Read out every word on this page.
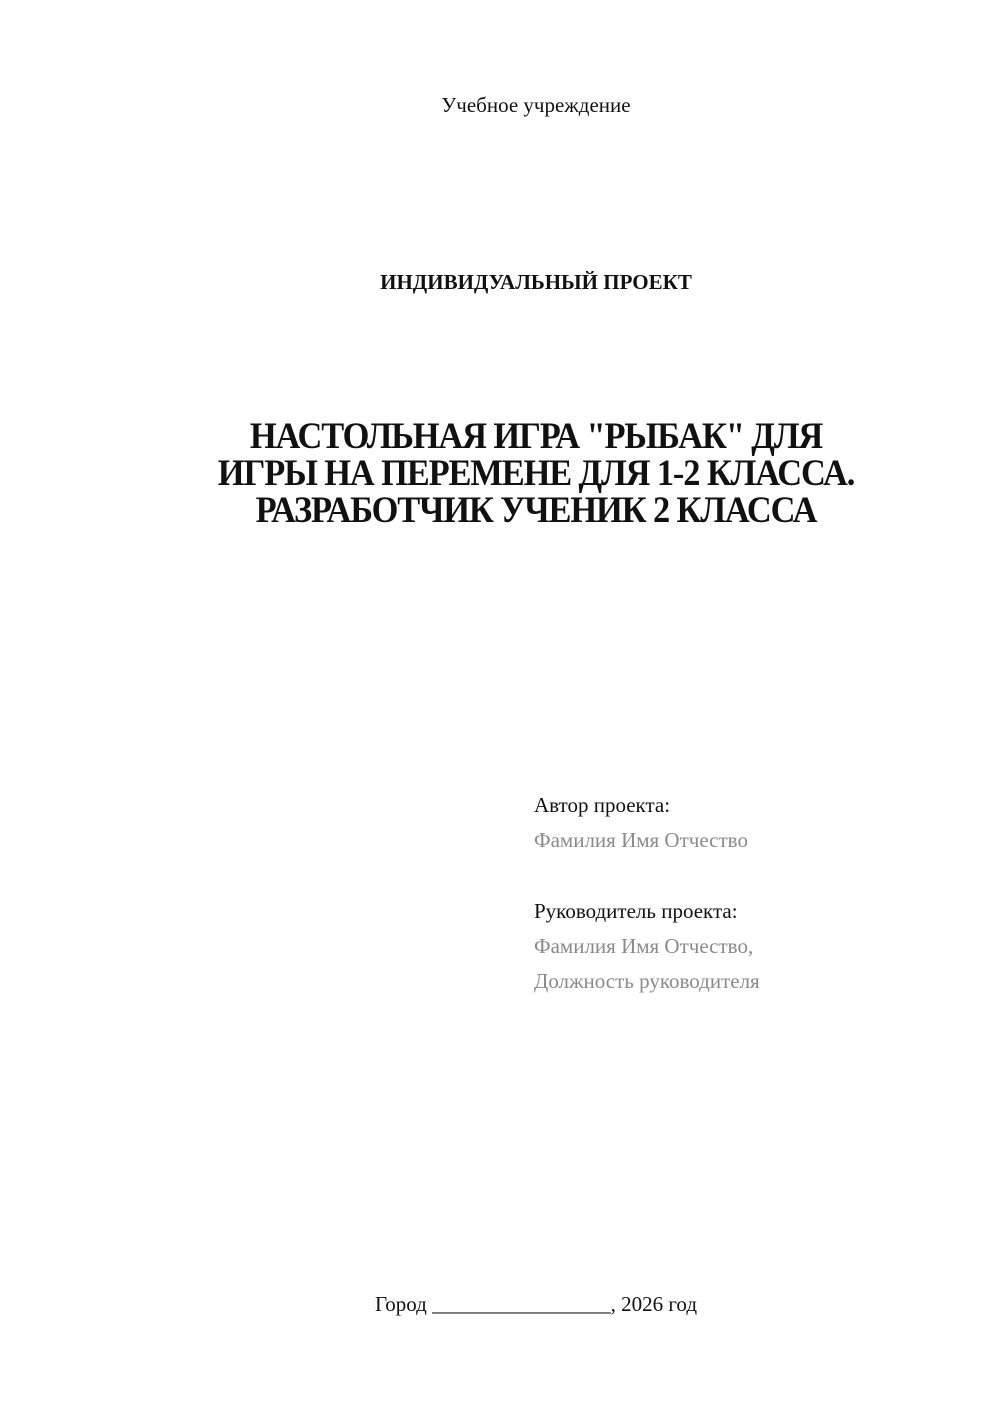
Учебное учреждение
ИНДИВИДУАЛЬНЫЙ ПРОЕКТ
НАСТОЛЬНАЯ ИГРА "РЫБАК" ДЛЯ
ИГРЫ НА ПЕРЕМЕНЕ ДЛЯ 1-2 КЛАССА.
РАЗРАБОТЧИК УЧЕНИК 2 КЛАССА
Автор проекта:
Фамилия Имя Отчество
Руководитель проекта:
Фамилия Имя Отчество,
Должность руководителя
Город _________________, 2026 год
